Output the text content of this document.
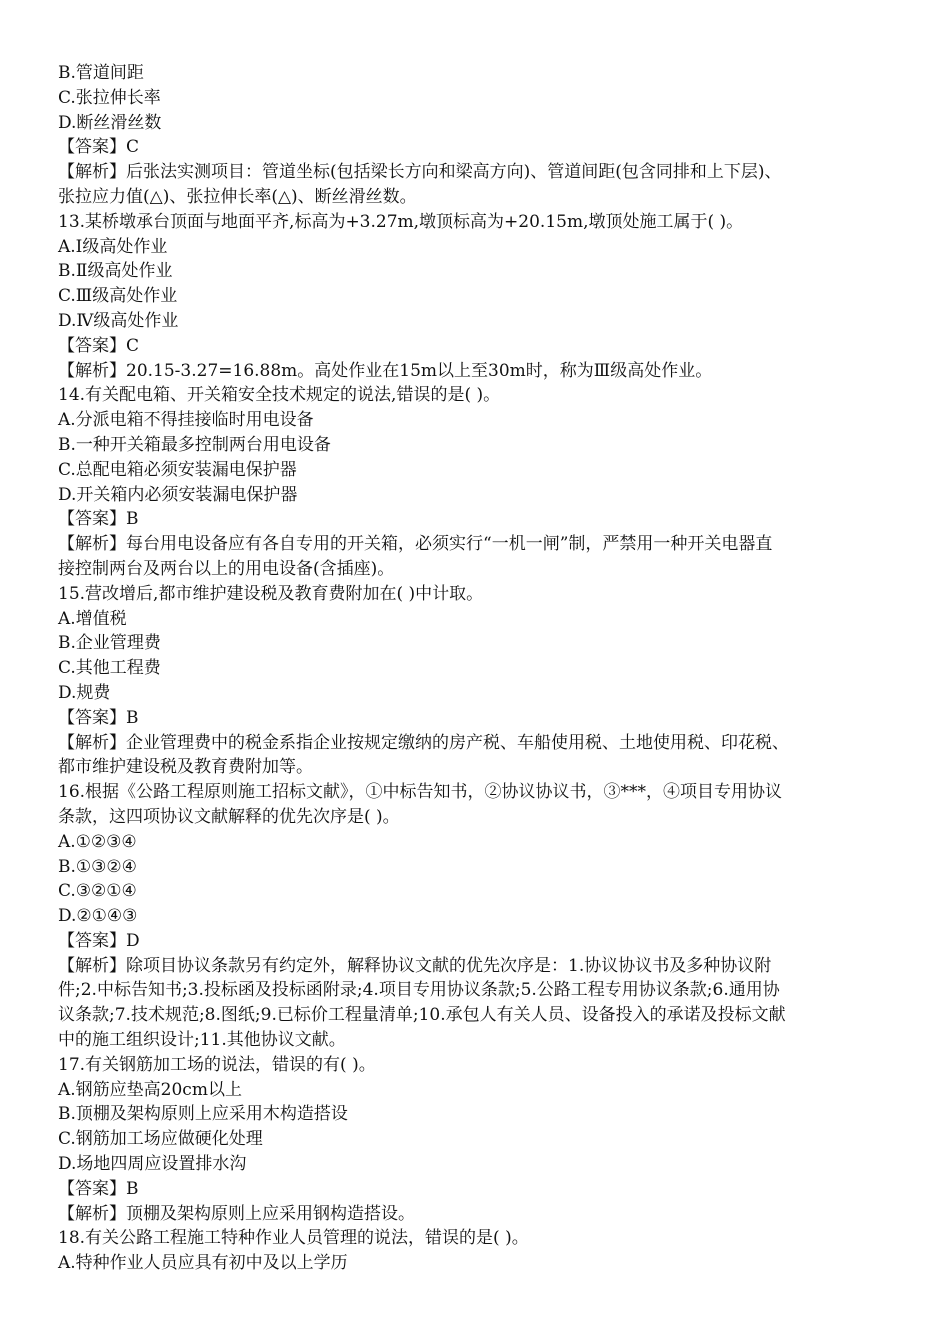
B.管道间距
C.张拉伸长率
D.断丝滑丝数
【答案】C
【解析】后张法实测项目：管道坐标(包括梁长方向和梁高方向)、管道间距(包含同排和上下层)、
张拉应力值(△)、张拉伸长率(△)、断丝滑丝数。
13.某桥墩承台顶面与地面平齐,标高为+3.27m,墩顶标高为+20.15m,墩顶处施工属于( )。
A.Ⅰ级高处作业
B.Ⅱ级高处作业
C.Ⅲ级高处作业
D.Ⅳ级高处作业
【答案】C
【解析】20.15-3.27=16.88m。高处作业在15m以上至30m时，称为Ⅲ级高处作业。
14.有关配电箱、开关箱安全技术规定的说法,错误的是( )。
A.分派电箱不得挂接临时用电设备
B.一种开关箱最多控制两台用电设备
C.总配电箱必须安装漏电保护器
D.开关箱内必须安装漏电保护器
【答案】B
【解析】每台用电设备应有各自专用的开关箱，必须实行“一机一闸”制，严禁用一种开关电器直
接控制两台及两台以上的用电设备(含插座)。
15.营改增后,都市维护建设税及教育费附加在( )中计取。
A.增值税
B.企业管理费
C.其他工程费
D.规费
【答案】B
【解析】企业管理费中的税金系指企业按规定缴纳的房产税、车船使用税、土地使用税、印花税、
都市维护建设税及教育费附加等。
16.根据《公路工程原则施工招标文献》，①中标告知书，②协议协议书，③***，④项目专用协议
条款，这四项协议文献解释的优先次序是( )。
A.①②③④
B.①③②④
C.③②①④
D.②①④③
【答案】D
【解析】除项目协议条款另有约定外，解释协议文献的优先次序是：1.协议协议书及多种协议附
件;2.中标告知书;3.投标函及投标函附录;4.项目专用协议条款;5.公路工程专用协议条款;6.通用协
议条款;7.技术规范;8.图纸;9.已标价工程量清单;10.承包人有关人员、设备投入的承诺及投标文献
中的施工组织设计;11.其他协议文献。
17.有关钢筋加工场的说法，错误的有( )。
A.钢筋应垫高20cm以上
B.顶棚及架构原则上应采用木构造搭设
C.钢筋加工场应做硬化处理
D.场地四周应设置排水沟
【答案】B
【解析】顶棚及架构原则上应采用钢构造搭设。
18.有关公路工程施工特种作业人员管理的说法，错误的是( )。
A.特种作业人员应具有初中及以上学历
